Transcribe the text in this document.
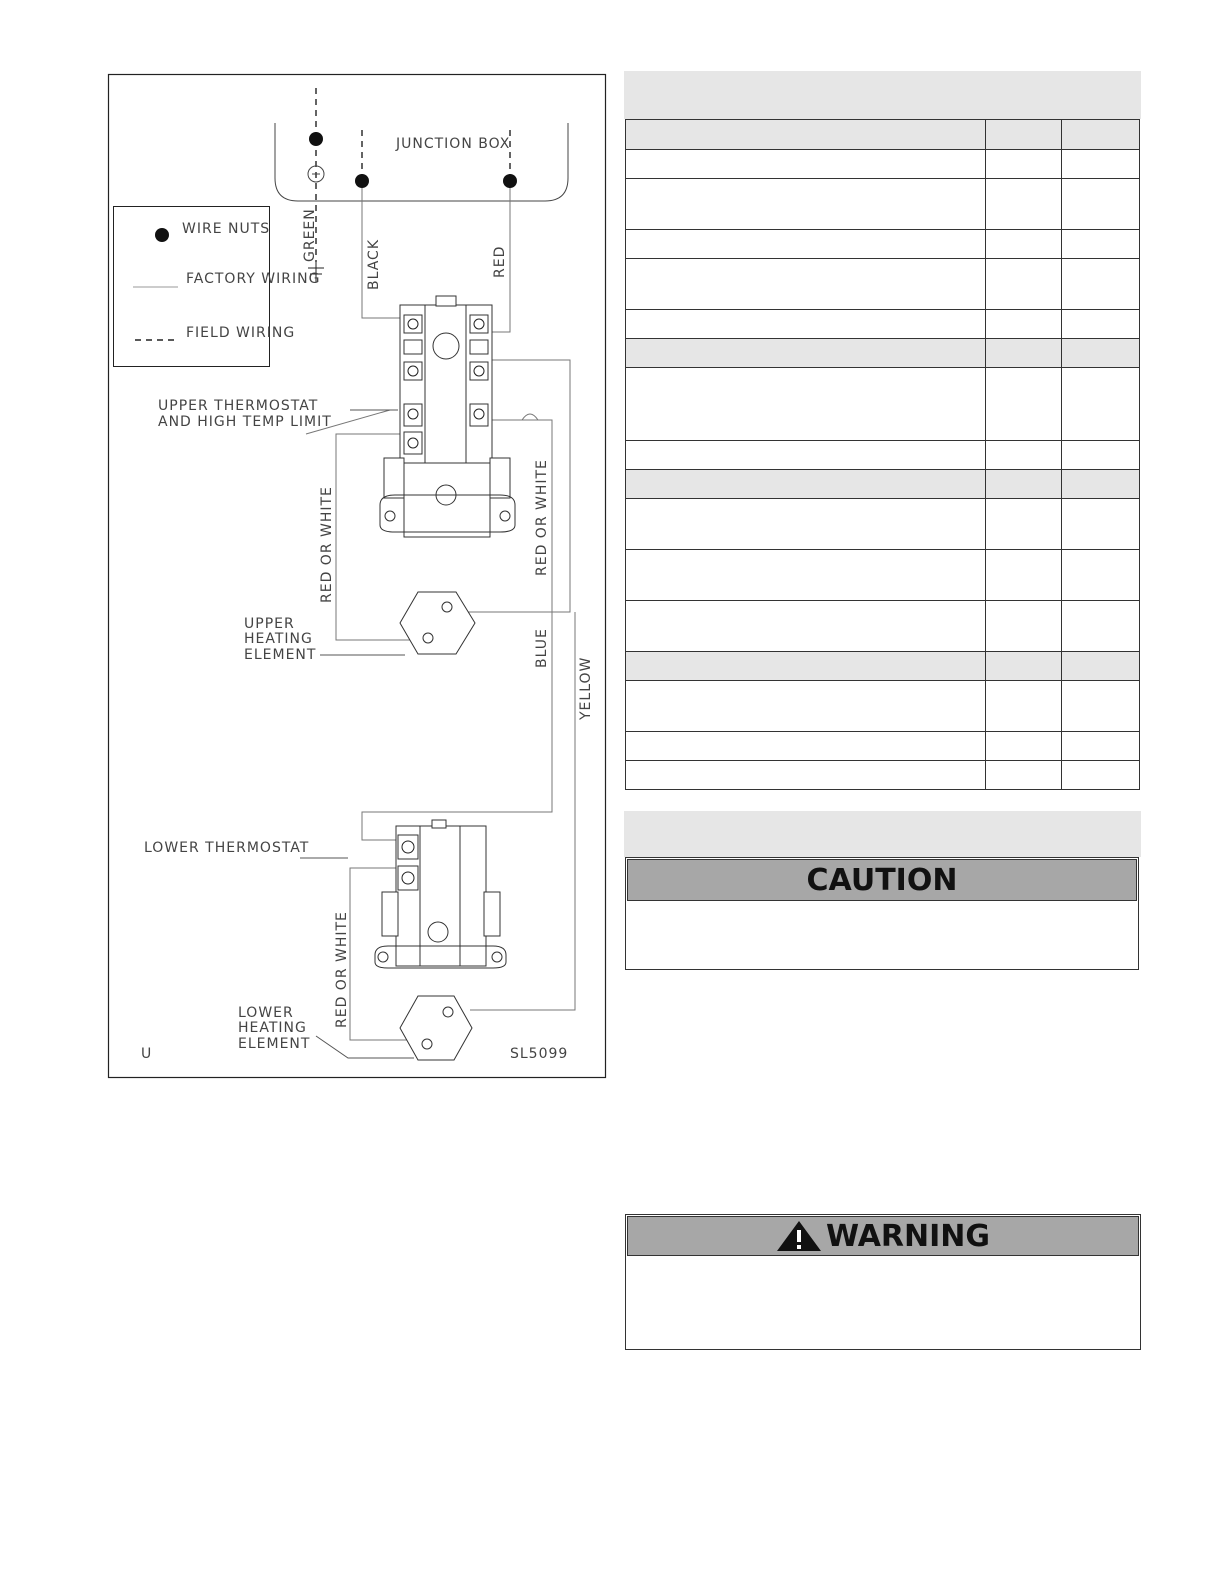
JUNCTION BOX
WIRE NUTS
FACTORY WIRING
FIELD WIRING
GREEN
BLACK	RED
RED OR WHITE	RED OR WHITE
BLUE
YELLOW
RED OR WHITE
UPPER THERMOSTAT
AND HIGH TEMP LIMIT
UPPER
HEATING
ELEMENT
LOWER THERMOSTAT
LOWER
HEATING
ELEMENT
U	SL5099

CAUTION
WARNING
